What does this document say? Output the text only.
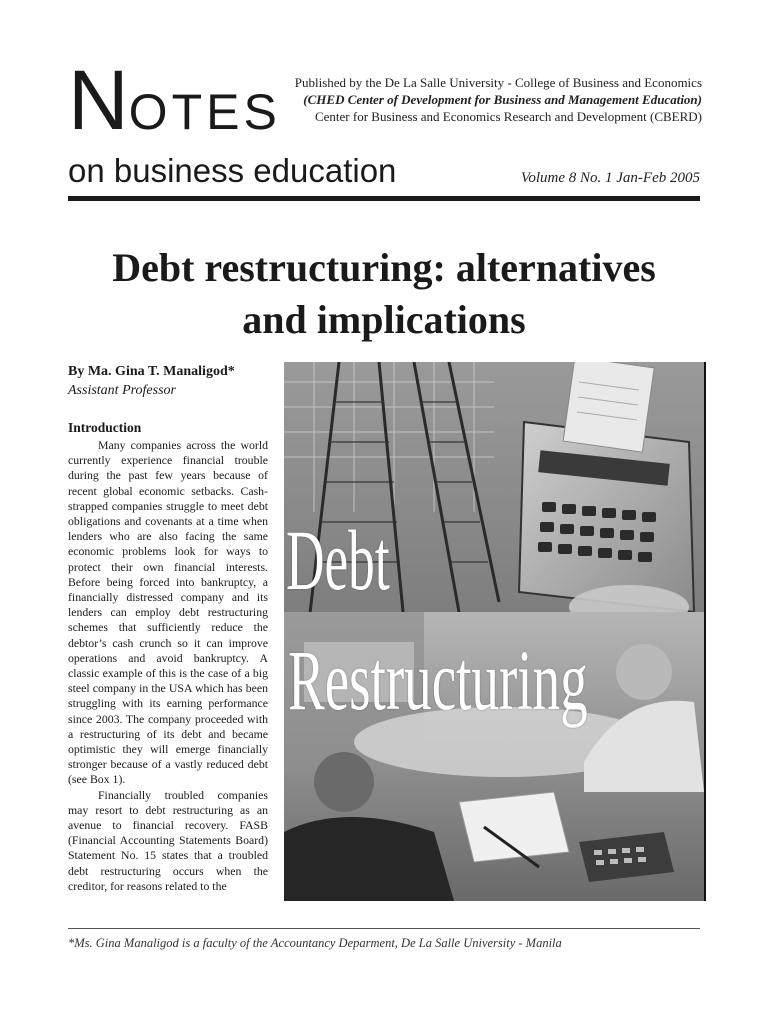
NOTES
Published by the De La Salle University - College of Business and Economics
(CHED Center of Development for Business and Management Education)
Center for Business and Economics Research and Development (CBERD)
on business education	Volume 8 No. 1 Jan-Feb 2005
Debt restructuring: alternatives
and implications
By Ma. Gina T. Manaligod*
Assistant Professor
Introduction

Many companies across the world currently experience financial trouble during the past few years because of recent global economic setbacks. Cash-strapped companies struggle to meet debt obligations and covenants at a time when lenders who are also facing the same economic problems look for ways to protect their own financial interests. Before being forced into bankruptcy, a financially distressed company and its lenders can employ debt restructuring schemes that sufficiently reduce the debtor’s cash crunch so it can improve operations and avoid bankruptcy. A classic example of this is the case of a big steel company in the USA which has been struggling with its earning performance since 2003. The company proceeded with a restructuring of its debt and became optimistic they will emerge financially stronger because of a vastly reduced debt (see Box 1).

Financially troubled companies may resort to debt restructuring as an avenue to financial recovery. FASB (Financial Accounting Statements Board) Statement No. 15 states that a troubled debt restructuring occurs when the creditor, for reasons related to the

Debt
Restructuring
*Ms. Gina Manaligod is a faculty of the Accountancy Deparment, De La Salle University - Manila
